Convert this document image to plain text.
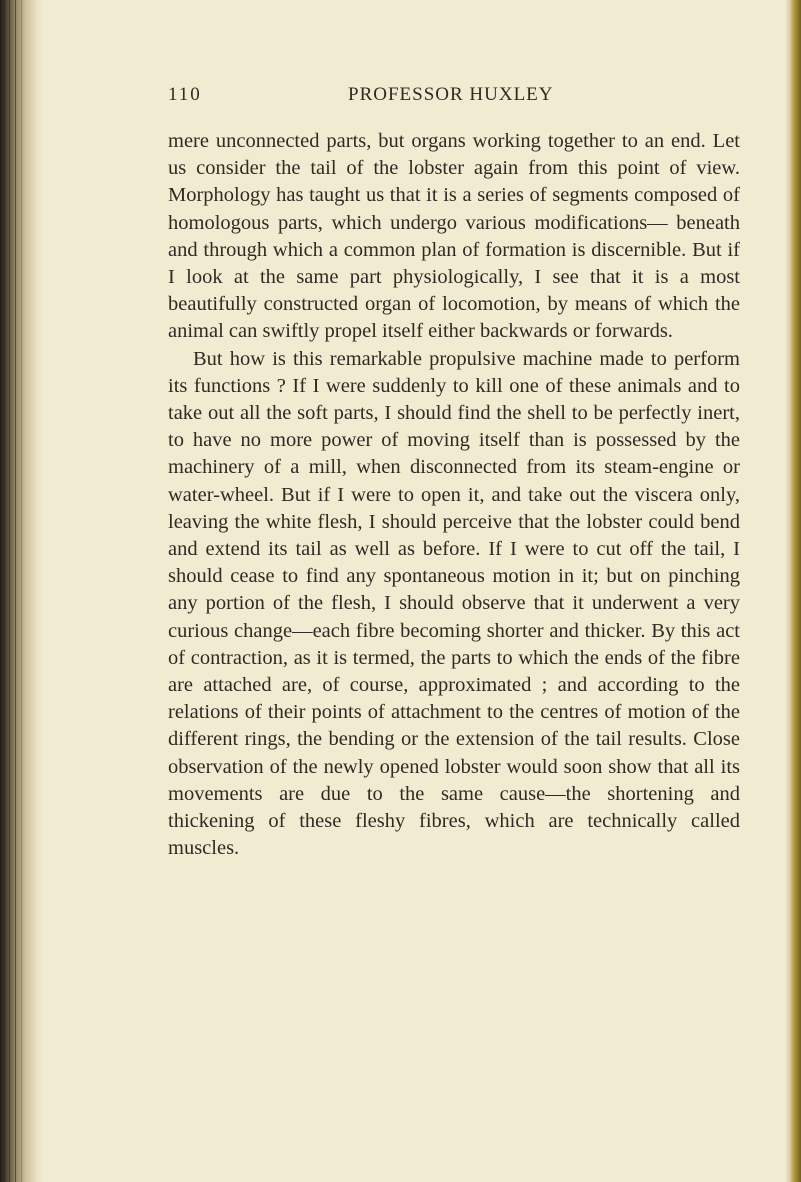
110	PROFESSOR HUXLEY

mere unconnected parts, but organs working together to an end. Let us consider the tail of the lobster again from this point of view. Morphology has taught us that it is a series of segments composed of homologous parts, which undergo various modifications— beneath and through which a common plan of formation is discernible. But if I look at the same part physiologically, I see that it is a most beautifully constructed organ of locomotion, by means of which the animal can swiftly propel itself either backwards or forwards.

But how is this remarkable propulsive machine made to perform its functions ? If I were suddenly to kill one of these animals and to take out all the soft parts, I should find the shell to be perfectly inert, to have no more power of moving itself than is possessed by the machinery of a mill, when disconnected from its steam-engine or water-wheel. But if I were to open it, and take out the viscera only, leaving the white flesh, I should perceive that the lobster could bend and extend its tail as well as before. If I were to cut off the tail, I should cease to find any spontaneous motion in it; but on pinching any portion of the flesh, I should observe that it underwent a very curious change—each fibre becoming shorter and thicker. By this act of contraction, as it is termed, the parts to which the ends of the fibre are attached are, of course, approximated ; and according to the relations of their points of attachment to the centres of motion of the different rings, the bending or the extension of the tail results. Close observation of the newly opened lobster would soon show that all its movements are due to the same cause—the shortening and thickening of these fleshy fibres, which are technically called muscles.
